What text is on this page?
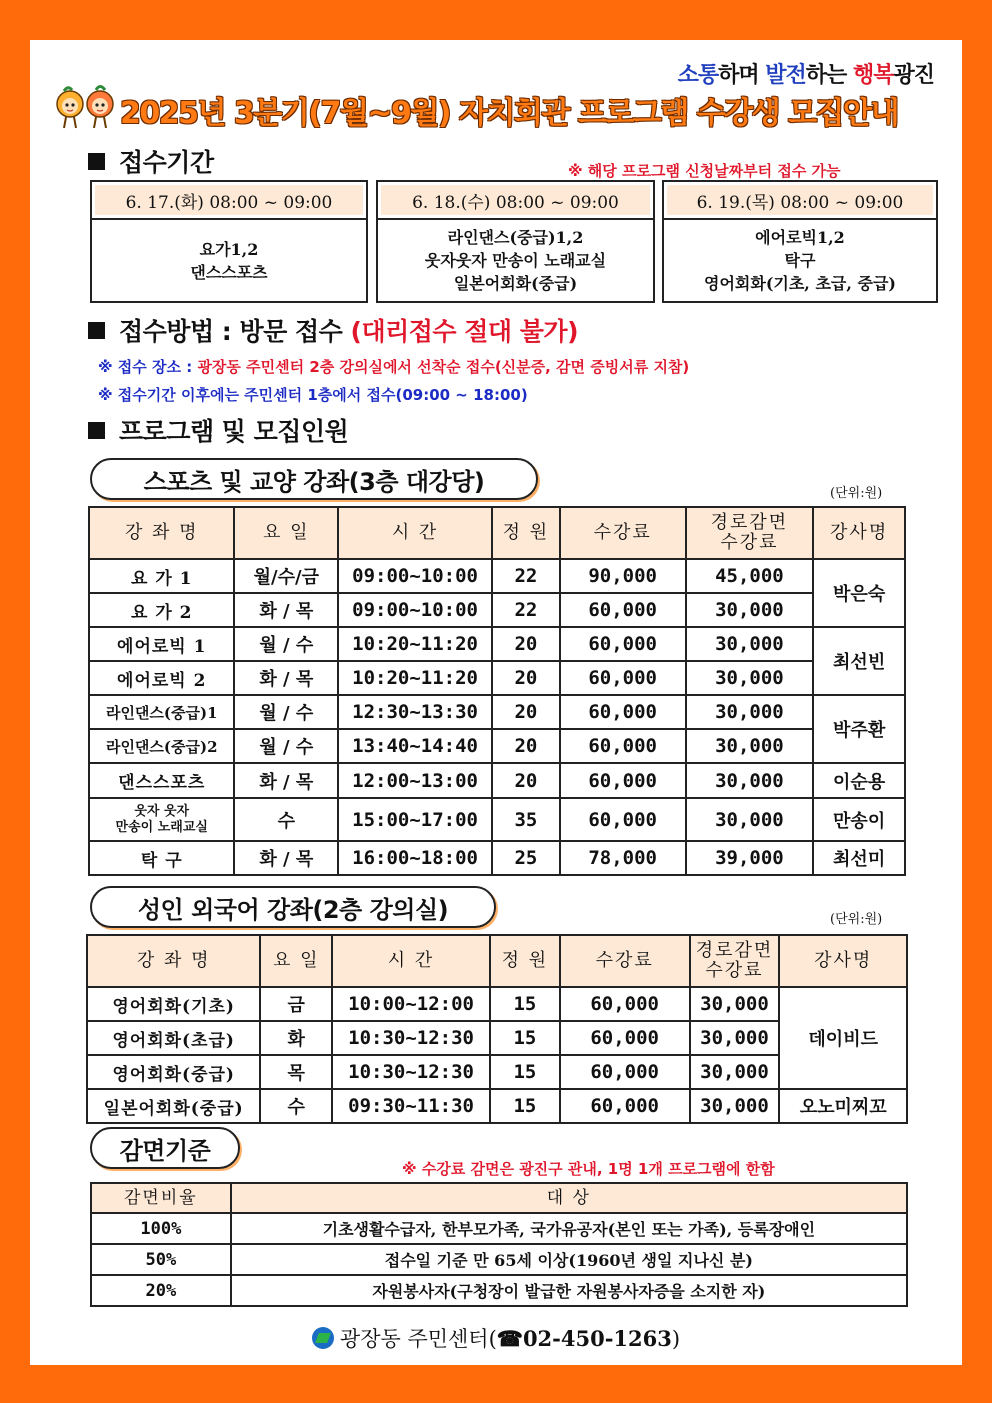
소통하며 발전하는 행복광진
2025년 3분기(7월~9월) 자치회관 프로그램 수강생 모집안내
접수기간	※ 해당 프로그램 신청날짜부터 접수 가능
6. 17.(화) 08:00 ~ 09:00
요가1,2
댄스스포츠
6. 18.(수) 08:00 ~ 09:00
라인댄스(중급)1,2
웃자웃자 만송이 노래교실
일본어회화(중급)
6. 19.(목) 08:00 ~ 09:00
에어로빅1,2
탁구
영어회화(기초, 초급, 중급)
접수방법 : 방문 접수 (대리접수 절대 불가)
※ 접수 장소 : 광장동 주민센터 2층 강의실에서 선착순 접수(신분증, 감면 증빙서류 지참)
※ 접수기간 이후에는 주민센터 1층에서 접수(09:00 ~ 18:00)
프로그램 및 모집인원
스포츠 및 교양 강좌(3층 대강당)	(단위:원)
강 좌 명	요 일	시 간	정 원	수강료	경로감면
수강료	강사명
요 가 1	월/수/금	09:00~10:00	22	90,000	45,000	박은숙
요 가 2	화 / 목	09:00~10:00	22	60,000	30,000	
에어로빅 1	월 / 수	10:20~11:20	20	60,000	30,000	최선빈
에어로빅 2	화 / 목	10:20~11:20	20	60,000	30,000	
라인댄스(중급)1	월 / 수	12:30~13:30	20	60,000	30,000	박주환
라인댄스(중급)2	월 / 수	13:40~14:40	20	60,000	30,000	
댄스스포츠	화 / 목	12:00~13:00	20	60,000	30,000	이순용
웃자 웃자
만송이 노래교실	수	15:00~17:00	35	60,000	30,000	만송이
탁 구	화 / 목	16:00~18:00	25	78,000	39,000	최선미
성인 외국어 강좌(2층 강의실)	(단위:원)
강 좌 명	요 일	시 간	정 원	수강료	경로감면
수강료	강사명
영어회화(기초)	금	10:00~12:00	15	60,000	30,000	데이비드
영어회화(초급)	화	10:30~12:30	15	60,000	30,000	
영어회화(중급)	목	10:30~12:30	15	60,000	30,000	
일본어회화(중급)	수	09:30~11:30	15	60,000	30,000	오노미찌꼬
감면기준
※ 수강료 감면은 광진구 관내, 1명 1개 프로그램에 한함
감면비율	대 상
100%	기초생활수급자, 한부모가족, 국가유공자(본인 또는 가족), 등록장애인
50%	접수일 기준 만 65세 이상(1960년 생일 지나신 분)
20%	자원봉사자(구청장이 발급한 자원봉사자증을 소지한 자)
광장동 주민센터(☎02-450-1263)
